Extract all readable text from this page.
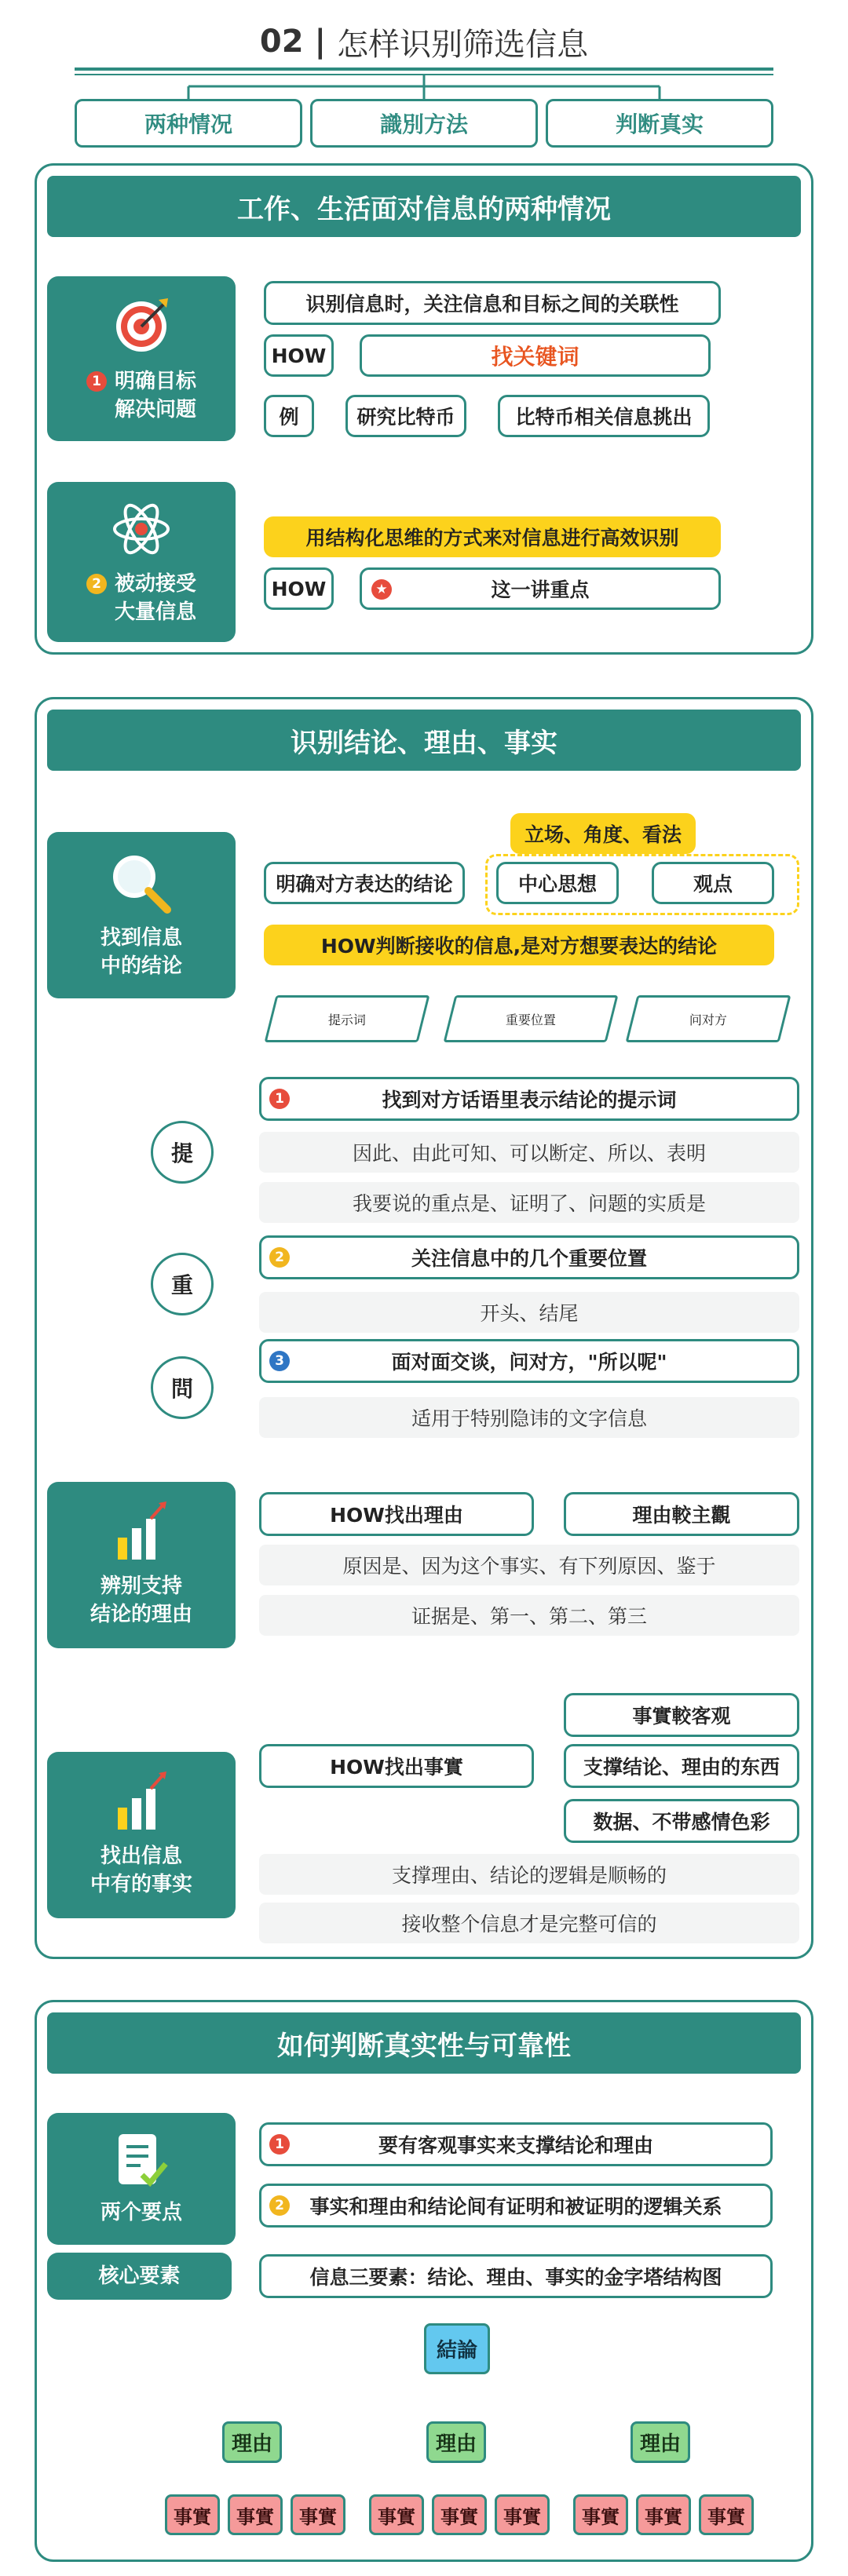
02 | 怎样识别筛选信息
两种情况	識別方法	判断真实
工作、生活面对信息的两种情况
1 明确目标
解决问题
识别信息时，关注信息和目标之间的关联性
HOW	找关键词
例	研究比特币	比特币相关信息挑出
2 被动接受
大量信息
用结构化思维的方式来对信息进行高效识别
HOW	★	这一讲重点
识别结论、理由、事实
找到信息
中的结论
立场、角度、看法
明确对方表达的结论	中心思想	观点
HOW判断接收的信息,是对方想要表达的结论
提示词	重要位置	问对方
提
1	找到对方话语里表示结论的提示词
因此、由此可知、可以断定、所以、表明
我要说的重点是、证明了、问题的实质是
重
2	关注信息中的几个重要位置
开头、结尾
問
3	面对面交谈，问对方，"所以呢"
适用于特别隐讳的文字信息
辨别支持
结论的理由
HOW找出理由	理由較主觀
原因是、因为这个事实、有下列原因、鉴于
证据是、第一、第二、第三
找出信息
中有的事实
HOW找出事實
事實較客观
支撑结论、理由的东西
数据、不带感情色彩
支撑理由、结论的逻辑是顺畅的
接收整个信息才是完整可信的
如何判断真实性与可靠性
两个要点
1	要有客观事实来支撑结论和理由
2 事实和理由和结论间有证明和被证明的逻辑关系
核心要素	信息三要素：结论、理由、事实的金字塔结构图
結論
理由	理由	理由
事實	事實	事實	事實	事實	事實	事實	事實	事實
